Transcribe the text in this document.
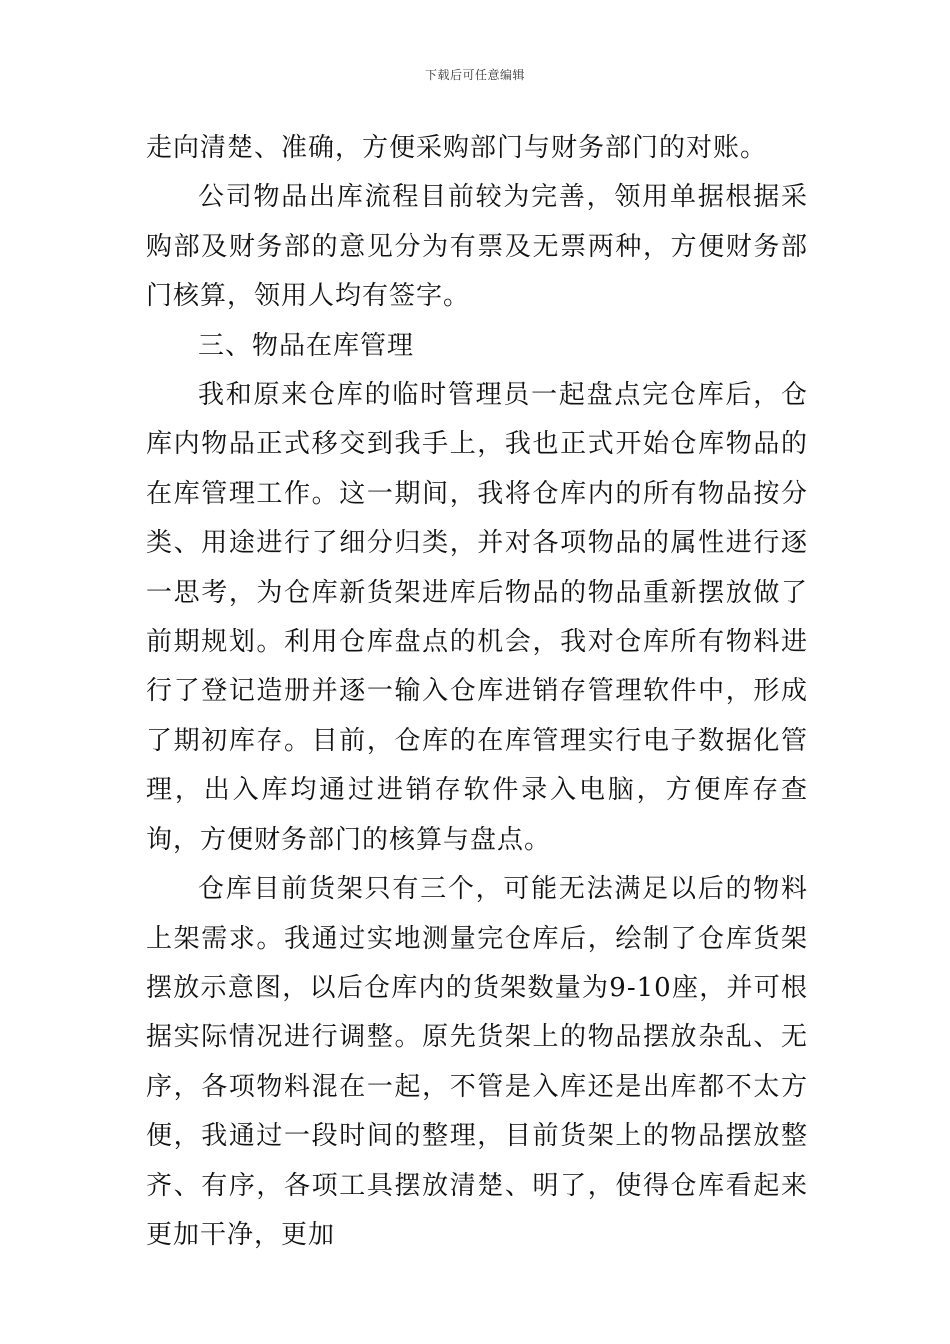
下载后可任意编辑

走向清楚、准确，方便采购部门与财务部门的对账。

公司物品出库流程目前较为完善，领用单据根据采购部及财务部的意见分为有票及无票两种，方便财务部门核算，领用人均有签字。

三、物品在库管理

我和原来仓库的临时管理员一起盘点完仓库后，仓库内物品正式移交到我手上，我也正式开始仓库物品的在库管理工作。这一期间，我将仓库内的所有物品按分类、用途进行了细分归类，并对各项物品的属性进行逐一思考，为仓库新货架进库后物品的物品重新摆放做了前期规划。利用仓库盘点的机会，我对仓库所有物料进行了登记造册并逐一输入仓库进销存管理软件中，形成了期初库存。目前，仓库的在库管理实行电子数据化管理，出入库均通过进销存软件录入电脑，方便库存查询，方便财务部门的核算与盘点。

仓库目前货架只有三个，可能无法满足以后的物料上架需求。我通过实地测量完仓库后，绘制了仓库货架摆放示意图，以后仓库内的货架数量为9-10座，并可根据实际情况进行调整。原先货架上的物品摆放杂乱、无序，各项物料混在一起，不管是入库还是出库都不太方便，我通过一段时间的整理，目前货架上的物品摆放整齐、有序，各项工具摆放清楚、明了，使得仓库看起来更加干净，更加
